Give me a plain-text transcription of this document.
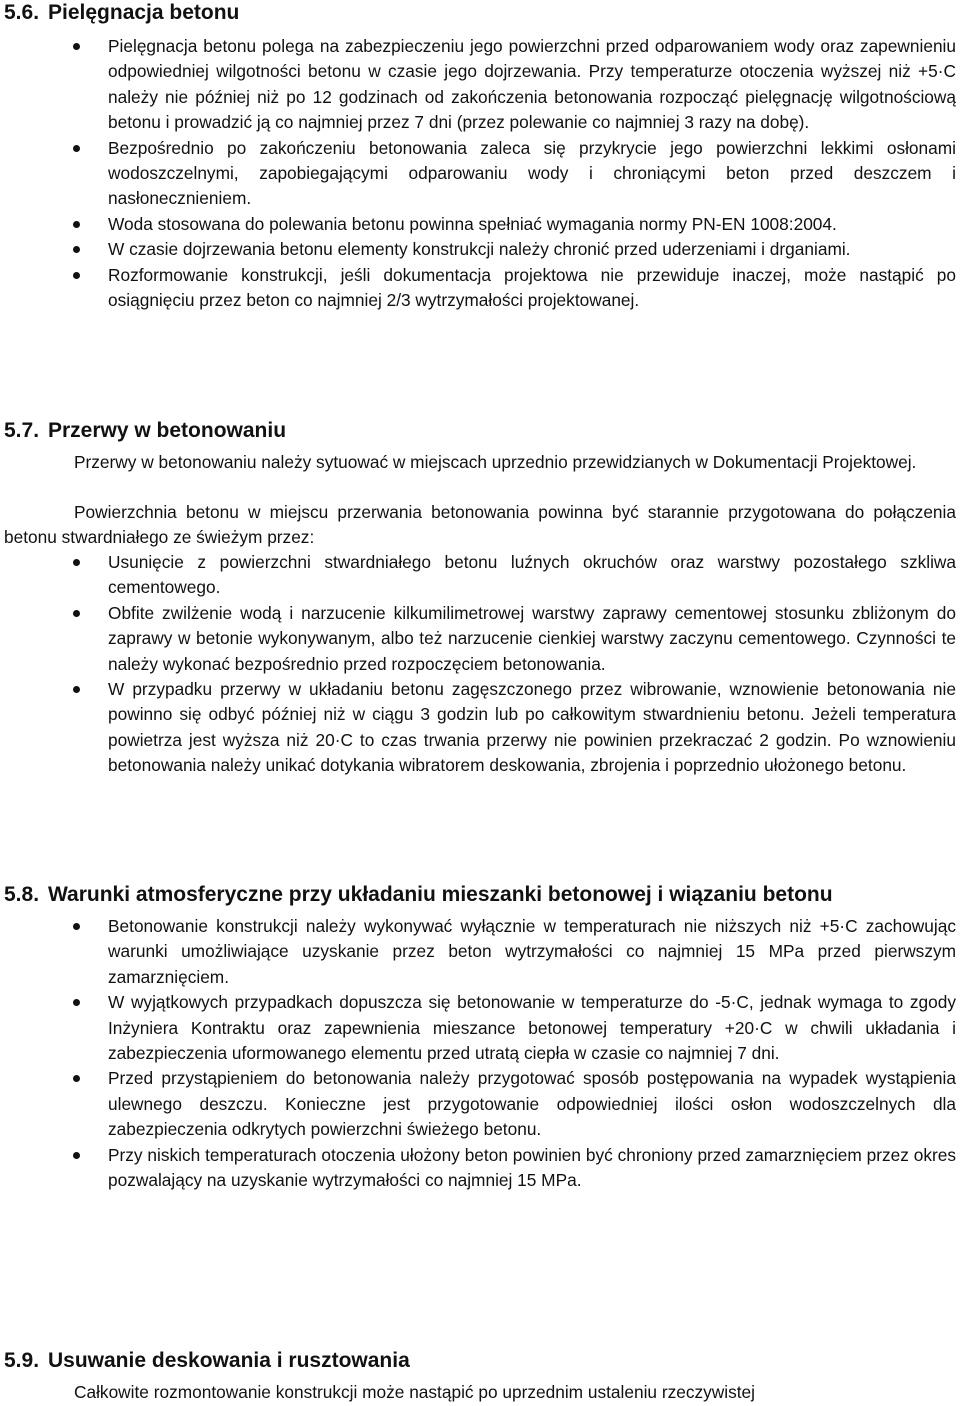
5.6. Pielęgnacja betonu
Pielęgnacja betonu polega na zabezpieczeniu jego powierzchni przed odparowaniem wody oraz zapewnieniu odpowiedniej wilgotności betonu w czasie jego dojrzewania. Przy temperaturze otoczenia wyższej niż +5·C należy nie później niż po 12 godzinach od zakończenia betonowania rozpocząć pielęgnację wilgotnościową betonu i prowadzić ją co najmniej przez 7 dni (przez polewanie co najmniej 3 razy na dobę).
Bezpośrednio po zakończeniu betonowania zaleca się przykrycie jego powierzchni lekkimi osłonami wodoszczelnymi, zapobiegającymi odparowaniu wody i chroniącymi beton przed deszczem i nasłonecznieniem.
Woda stosowana do polewania betonu powinna spełniać wymagania normy PN-EN 1008:2004.
W czasie dojrzewania betonu elementy konstrukcji należy chronić przed uderzeniami i drganiami.
Rozformowanie konstrukcji, jeśli dokumentacja projektowa nie przewiduje inaczej, może nastąpić po osiągnięciu przez beton co najmniej 2/3 wytrzymałości projektowanej.
5.7. Przerwy w betonowaniu

Przerwy w betonowaniu należy sytuować w miejscach uprzednio przewidzianych w Dokumentacji Projektowej.

Powierzchnia betonu w miejscu przerwania betonowania powinna być starannie przygotowana do połączenia betonu stwardniałego ze świeżym przez:

Usunięcie z powierzchni stwardniałego betonu luźnych okruchów oraz warstwy pozostałego szkliwa cementowego.
Obfite zwilżenie wodą i narzucenie kilkumilimetrowej warstwy zaprawy cementowej stosunku zbliżonym do zaprawy w betonie wykonywanym, albo też narzucenie cienkiej warstwy zaczynu cementowego. Czynności te należy wykonać bezpośrednio przed rozpoczęciem betonowania.
W przypadku przerwy w układaniu betonu zagęszczonego przez wibrowanie, wznowienie betonowania nie powinno się odbyć później niż w ciągu 3 godzin lub po całkowitym stwardnieniu betonu. Jeżeli temperatura powietrza jest wyższa niż 20·C to czas trwania przerwy nie powinien przekraczać 2 godzin. Po wznowieniu betonowania należy unikać dotykania wibratorem deskowania, zbrojenia i poprzednio ułożonego betonu.
5.8. Warunki atmosferyczne przy układaniu mieszanki betonowej i wiązaniu betonu
Betonowanie konstrukcji należy wykonywać wyłącznie w temperaturach nie niższych niż +5·C zachowując warunki umożliwiające uzyskanie przez beton wytrzymałości co najmniej 15 MPa przed pierwszym zamarznięciem.
W wyjątkowych przypadkach dopuszcza się betonowanie w temperaturze do -5·C, jednak wymaga to zgody Inżyniera Kontraktu oraz zapewnienia mieszance betonowej temperatury +20·C w chwili układania i zabezpieczenia uformowanego elementu przed utratą ciepła w czasie co najmniej 7 dni.
Przed przystąpieniem do betonowania należy przygotować sposób postępowania na wypadek wystąpienia ulewnego deszczu. Konieczne jest przygotowanie odpowiedniej ilości osłon wodoszczelnych dla zabezpieczenia odkrytych powierzchni świeżego betonu.
Przy niskich temperaturach otoczenia ułożony beton powinien być chroniony przed zamarznięciem przez okres pozwalający na uzyskanie wytrzymałości co najmniej 15 MPa.
5.9. Usuwanie deskowania i rusztowania

Całkowite rozmontowanie konstrukcji może nastąpić po uprzednim ustaleniu rzeczywistej
